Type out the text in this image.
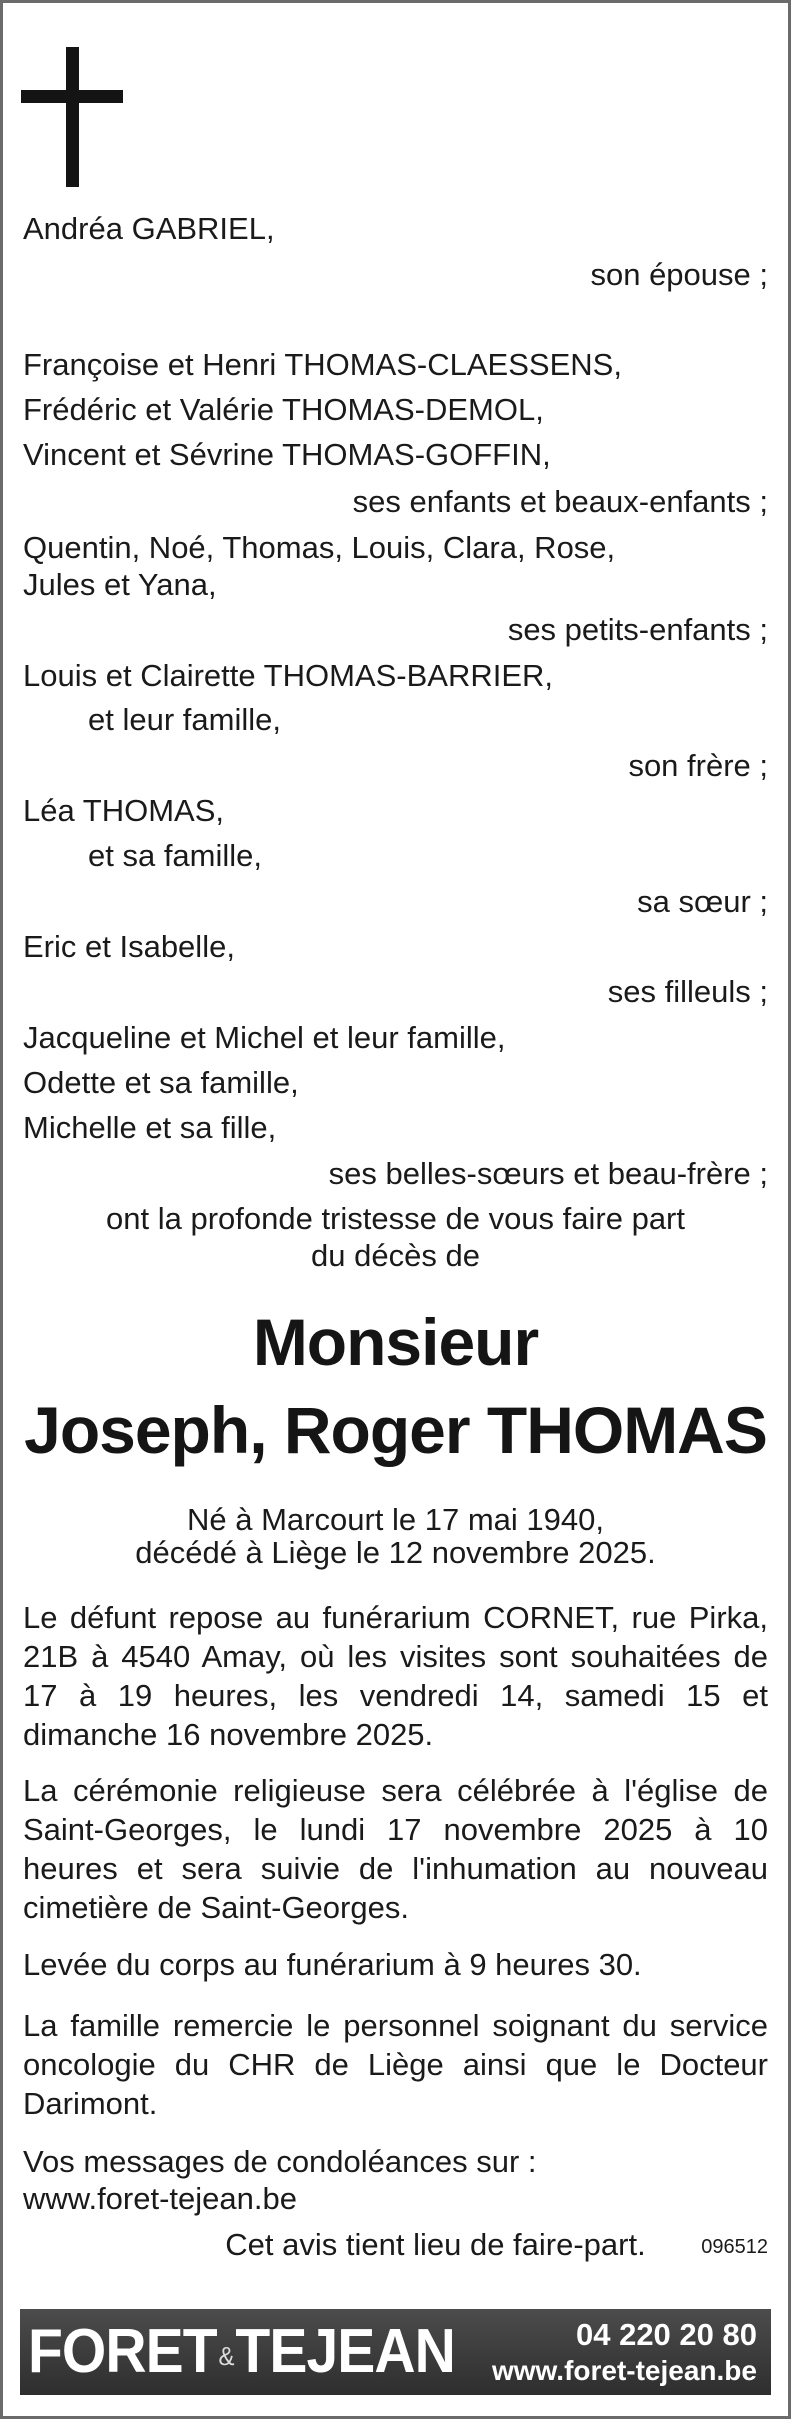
Andréa GABRIEL,
son épouse ;
Françoise et Henri THOMAS-CLAESSENS,
Frédéric et Valérie THOMAS-DEMOL,
Vincent et Sévrine THOMAS-GOFFIN,
ses enfants et beaux-enfants ;
Quentin, Noé, Thomas, Louis, Clara, Rose,
Jules et Yana,
ses petits-enfants ;
Louis et Clairette THOMAS-BARRIER,
et leur famille,
son frère ;
Léa THOMAS,
et sa famille,
sa sœur ;
Eric et Isabelle,
ses filleuls ;
Jacqueline et Michel et leur famille,
Odette et sa famille,
Michelle et sa fille,
ses belles-sœurs et beau-frère ;
ont la profonde tristesse de vous faire part
du décès de
Monsieur
Joseph, Roger THOMAS
Né à Marcourt le 17 mai 1940,
décédé à Liège le 12 novembre 2025.
Le défunt repose au funérarium CORNET, rue Pirka, 21B à 4540 Amay, où les visites sont souhaitées de 17 à 19 heures, les vendredi 14, samedi 15 et dimanche 16 novembre 2025.
La cérémonie religieuse sera célébrée à l'église de Saint-Georges, le lundi 17 novembre 2025 à 10 heures et sera suivie de l'inhumation au nouveau cimetière de Saint-Georges.
Levée du corps au funérarium à 9 heures 30.
La famille remercie le personnel soignant du service oncologie du CHR de Liège ainsi que le Docteur Darimont.
Vos messages de condoléances sur :
www.foret-tejean.be
Cet avis tient lieu de faire-part.	096512
FORET&TEJEAN	04 220 20 80
www.foret-tejean.be
